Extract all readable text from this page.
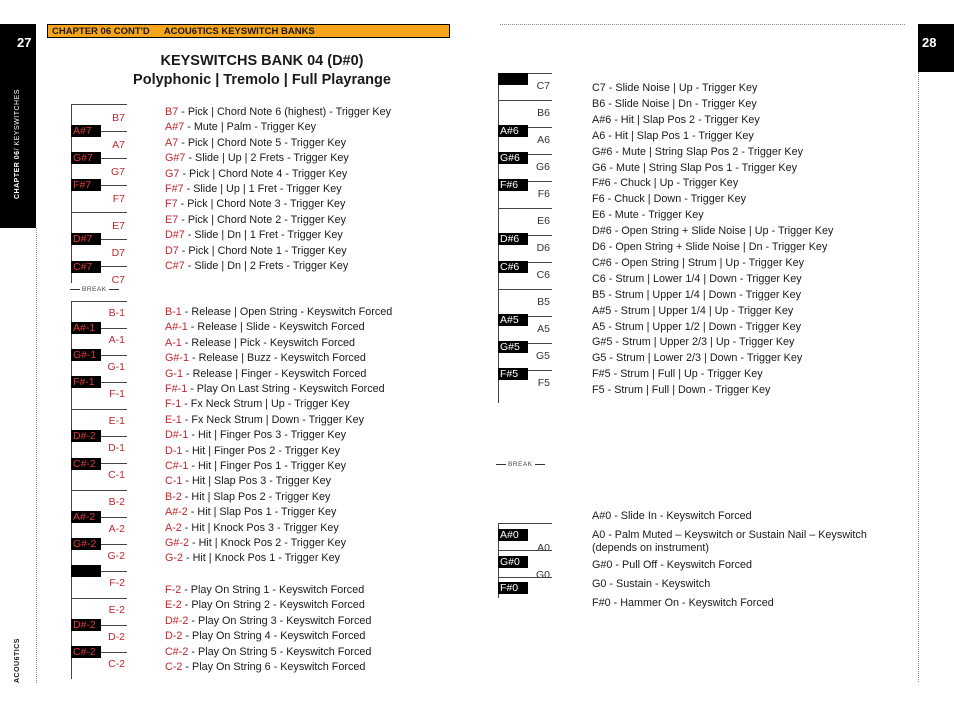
27
CHAPTER 06/ KEYSWITCHES
ACOU6TICS
CHAPTER 06 CONT'D ACOU6TICS KEYSWITCH BANKS
KEYSWITCHS BANK 04 (D#0)
Polyphonic | Tremolo | Full Playrange
B7
A7
G7
F7
E7
D7
C7
A#7
G#7
F#7
D#7
C#7
BREAK
B-1
A-1
G-1
F-1
E-1
D-1
C-1
B-2
A-2
G-2
F-2
E-2
D-2
C-2
A#-1
G#-1
F#-1
D#-2
C#-2
A#-2
G#-2
D#-2
C#-2
B7 - Pick | Chord Note 6 (highest) - Trigger Key
A#7 - Mute | Palm - Trigger Key
A7 - Pick | Chord Note 5 - Trigger Key
G#7 - Slide | Up | 2 Frets - Trigger Key
G7 - Pick | Chord Note 4 - Trigger Key
F#7 - Slide | Up | 1 Fret - Trigger Key
F7 - Pick | Chord Note 3 - Trigger Key
E7 - Pick | Chord Note 2 - Trigger Key
D#7 - Slide | Dn | 1 Fret - Trigger Key
D7 - Pick | Chord Note 1 - Trigger Key
C#7 - Slide | Dn | 2 Frets - Trigger Key
B-1 - Release | Open String - Keyswitch Forced
A#-1 - Release | Slide - Keyswitch Forced
A-1 - Release | Pick - Keyswitch Forced
G#-1 - Release | Buzz - Keyswitch Forced
G-1 - Release | Finger - Keyswitch Forced
F#-1 - Play On Last String - Keyswitch Forced
F-1 - Fx Neck Strum | Up - Trigger Key
E-1 - Fx Neck Strum | Down - Trigger Key
D#-1 - Hit | Finger Pos 3 - Trigger Key
D-1 - Hit | Finger Pos 2 - Trigger Key
C#-1 - Hit | Finger Pos 1 - Trigger Key
C-1 - Hit | Slap Pos 3 - Trigger Key
B-2 - Hit | Slap Pos 2 - Trigger Key
A#-2 - Hit | Slap Pos 1 - Trigger Key
A-2 - Hit | Knock Pos 3 - Trigger Key
G#-2 - Hit | Knock Pos 2 - Trigger Key
G-2 - Hit | Knock Pos 1 - Trigger Key
F-2 - Play On String 1 - Keyswitch Forced
E-2 - Play On String 2 - Keyswitch Forced
D#-2 - Play On String 3 - Keyswitch Forced
D-2 - Play On String 4 - Keyswitch Forced
C#-2 - Play On String 5 - Keyswitch Forced
C-2 - Play On String 6 - Keyswitch Forced
28
C7
B6
A6
G6
F6
E6
D6
C6
B5
A5
G5
F5
A#6
G#6
F#6
D#6
C#6
A#5
G#5
F#5
BREAK
A0
G0
A#0
G#0
F#0
C7 - Slide Noise | Up - Trigger Key
B6 - Slide Noise | Dn - Trigger Key
A#6 - Hit | Slap Pos 2 - Trigger Key
A6 - Hit | Slap Pos 1 - Trigger Key
G#6 - Mute | String Slap Pos 2 - Trigger Key
G6 - Mute | String Slap Pos 1 - Trigger Key
F#6 - Chuck | Up - Trigger Key
F6 - Chuck | Down - Trigger Key
E6 - Mute - Trigger Key
D#6 - Open String + Slide Noise | Up - Trigger Key
D6 - Open String + Slide Noise | Dn - Trigger Key
C#6 - Open String | Strum | Up - Trigger Key
C6 - Strum | Lower 1/4 | Down - Trigger Key
B5 - Strum | Upper 1/4 | Down - Trigger Key
A#5 - Strum | Upper 1/4 | Up - Trigger Key
A5 - Strum | Upper 1/2 | Down - Trigger Key
G#5 - Strum | Upper 2/3 | Up - Trigger Key
G5 - Strum | Lower 2/3 | Down - Trigger Key
F#5 - Strum | Full | Up - Trigger Key
F5 - Strum | Full | Down - Trigger Key
A#0 - Slide In - Keyswitch Forced
A0 - Palm Muted – Keyswitch or Sustain Nail – Keyswitch (depends on instrument)
G#0 - Pull Off - Keyswitch Forced
G0 - Sustain - Keyswitch
F#0 - Hammer On - Keyswitch Forced
